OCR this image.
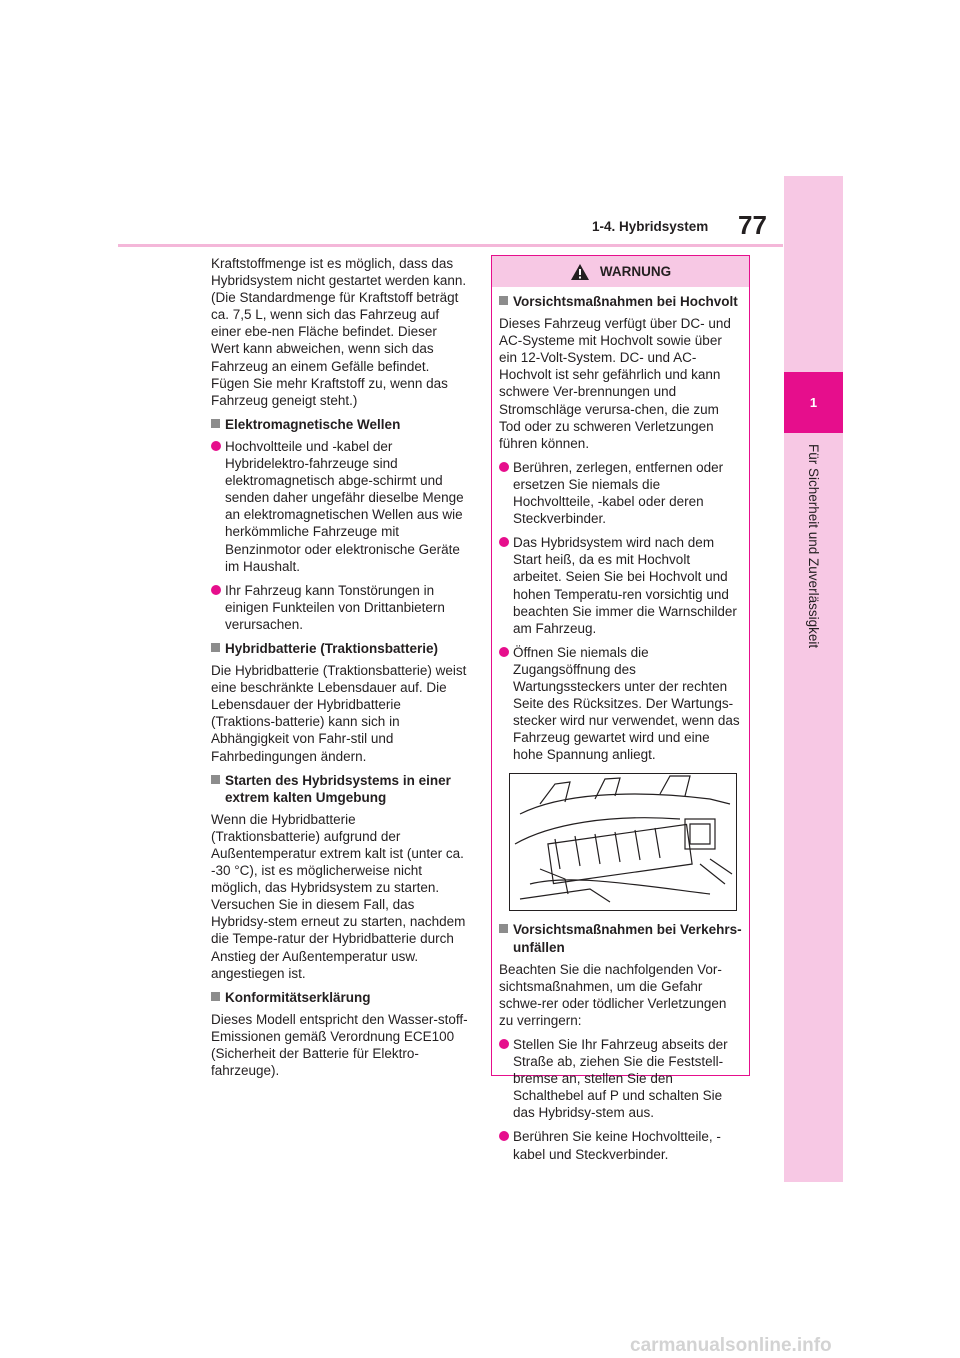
1
Für Sicherheit und Zuverlässigkeit
77
1-4. Hybridsystem

Kraftstoffmenge ist es möglich, dass das Hybridsystem nicht gestartet werden kann. (Die Standardmenge für Kraftstoff beträgt ca. 7,5 L, wenn sich das Fahrzeug auf einer ebe-nen Fläche befindet. Dieser Wert kann abweichen, wenn sich das Fahrzeug an einem Gefälle befindet. Fügen Sie mehr Kraftstoff zu, wenn das Fahrzeug geneigt steht.)

Elektromagnetische Wellen

Hochvoltteile und -kabel der Hybridelektro-fahrzeuge sind elektromagnetisch abge-schirmt und senden daher ungefähr dieselbe Menge an elektromagnetischen Wellen aus wie herkömmliche Fahrzeuge mit Benzinmotor oder elektronische Geräte im Haushalt.

Ihr Fahrzeug kann Tonstörungen in einigen Funkteilen von Drittanbietern verursachen.

Hybridbatterie (Traktionsbatterie)

Die Hybridbatterie (Traktionsbatterie) weist eine beschränkte Lebensdauer auf. Die Lebensdauer der Hybridbatterie (Traktions-batterie) kann sich in Abhängigkeit von Fahr-stil und Fahrbedingungen ändern.

Starten des Hybridsystems in einer extrem kalten Umgebung

Wenn die Hybridbatterie (Traktionsbatterie) aufgrund der Außentemperatur extrem kalt ist (unter ca. -30 °C), ist es möglicherweise nicht möglich, das Hybridsystem zu starten. Versuchen Sie in diesem Fall, das Hybridsy-stem erneut zu starten, nachdem die Tempe-ratur der Hybridbatterie durch Anstieg der Außentemperatur usw. angestiegen ist.

Konformitätserklärung

Dieses Modell entspricht den Wasser-stoff-Emissionen gemäß Verordnung ECE100 (Sicherheit der Batterie für Elektro-fahrzeuge).

WARNUNG
Vorsichtsmaßnahmen bei Hochvolt

Dieses Fahrzeug verfügt über DC- und AC-Systeme mit Hochvolt sowie über ein 12-Volt-System. DC- und AC-Hochvolt ist sehr gefährlich und kann schwere Ver-brennungen und Stromschläge verursa-chen, die zum Tod oder zu schweren Verletzungen führen können.

Berühren, zerlegen, entfernen oder ersetzen Sie niemals die Hochvoltteile, -kabel oder deren Steckverbinder.

Das Hybridsystem wird nach dem Start heiß, da es mit Hochvolt arbeitet. Seien Sie bei Hochvolt und hohen Temperatu-ren vorsichtig und beachten Sie immer die Warnschilder am Fahrzeug.

Öffnen Sie niemals die Zugangsöffnung des Wartungssteckers unter der rechten Seite des Rücksitzes. Der Wartungs-stecker wird nur verwendet, wenn das Fahrzeug gewartet wird und eine hohe Spannung anliegt.

Vorsichtsmaßnahmen bei Verkehrs-unfällen

Beachten Sie die nachfolgenden Vor-sichtsmaßnahmen, um die Gefahr schwe-rer oder tödlicher Verletzungen zu verringern:

Stellen Sie Ihr Fahrzeug abseits der Straße ab, ziehen Sie die Feststell-bremse an, stellen Sie den Schalthebel auf P und schalten Sie das Hybridsy-stem aus.

Berühren Sie keine Hochvoltteile, -kabel und Steckverbinder.

carmanualsonline.info
